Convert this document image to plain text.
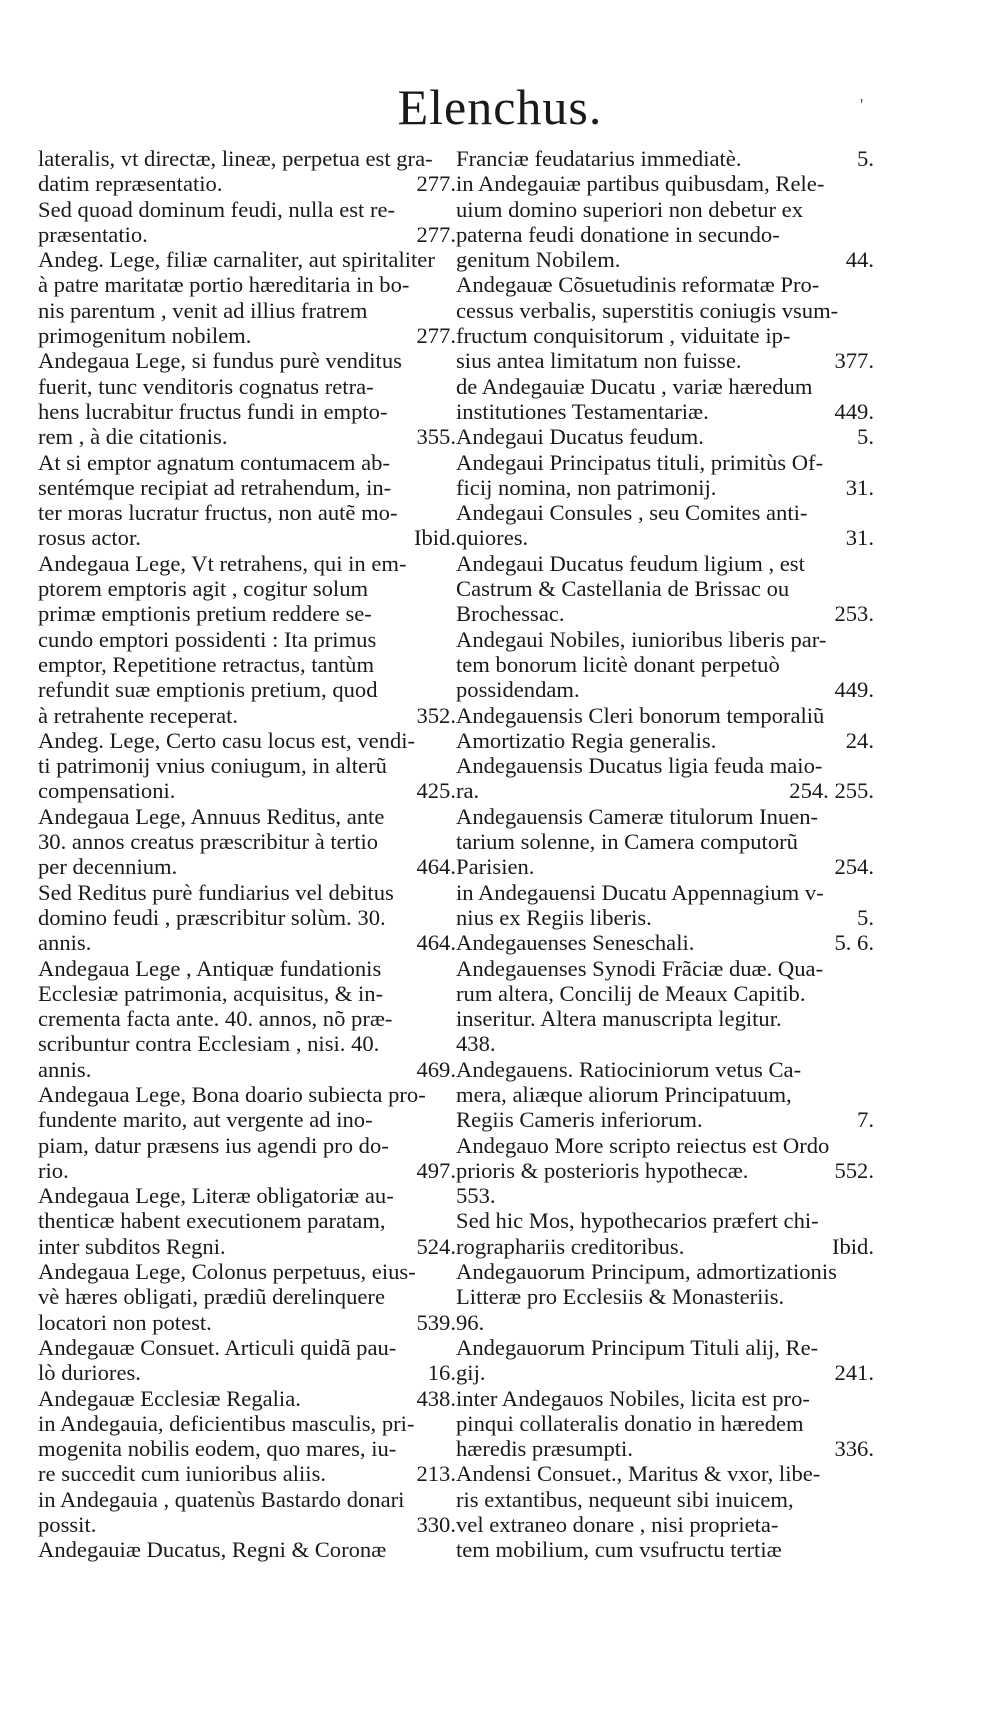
Elenchus.	'
lateralis, vt directæ, lineæ, perpetua est gra-
datim repræsentatio.	277.
Sed quoad dominum feudi, nulla est re-
præsentatio.	277.
Andeg. Lege, filiæ carnaliter, aut spiritaliter
à patre maritatæ portio hæreditaria in bo-
nis parentum , venit ad illius fratrem
primogenitum nobilem.	277.
Andegaua Lege, si fundus purè venditus
fuerit, tunc venditoris cognatus retra-
hens lucrabitur fructus fundi in empto-
rem , à die citationis.	355.
At si emptor agnatum contumacem ab-
sentémque recipiat ad retrahendum, in-
ter moras lucratur fructus, non autẽ mo-
rosus actor.	Ibid.
Andegaua Lege, Vt retrahens, qui in em-
ptorem emptoris agit , cogitur solum
primæ emptionis pretium reddere se-
cundo emptori possidenti : Ita primus
emptor, Repetitione retractus, tantùm
refundit suæ emptionis pretium, quod
à retrahente receperat.	352.
Andeg. Lege, Certo casu locus est, vendi-
ti patrimonij vnius coniugum, in alterũ
compensationi.	425.
Andegaua Lege, Annuus Reditus, ante
30. annos creatus præscribitur à tertio
per decennium.	464.
Sed Reditus purè fundiarius vel debitus
domino feudi , præscribitur solùm. 30.
annis.	464.
Andegaua Lege , Antiquæ fundationis
Ecclesiæ patrimonia, acquisitus, & in-
crementa facta ante. 40. annos, nõ præ-
scribuntur contra Ecclesiam , nisi. 40.
annis.	469.
Andegaua Lege, Bona doario subiecta pro-
fundente marito, aut vergente ad ino-
piam, datur præsens ius agendi pro do-
rio.	497.
Andegaua Lege, Literæ obligatoriæ au-
thenticæ habent executionem paratam,
inter subditos Regni.	524.
Andegaua Lege, Colonus perpetuus, eius-
vè hæres obligati, prædiũ derelinquere
locatori non potest.	539.
Andegauæ Consuet. Articuli quidã pau-
lò duriores.	16.
Andegauæ Ecclesiæ Regalia.	438.
in Andegauia, deficientibus masculis, pri-
mogenita nobilis eodem, quo mares, iu-
re succedit cum iunioribus aliis.	213.
in Andegauia , quatenùs Bastardo donari
possit.	330.
Andegauiæ Ducatus, Regni & Coronæ
Franciæ feudatarius immediatè.	5.
in Andegauiæ partibus quibusdam, Rele-
uium domino superiori non debetur ex
paterna feudi donatione in secundo-
genitum Nobilem.	44.
Andegauæ Cõsuetudinis reformatæ Pro-
cessus verbalis, superstitis coniugis vsum-
fructum conquisitorum , viduitate ip-
sius antea limitatum non fuisse.	377.
de Andegauiæ Ducatu , variæ hæredum
institutiones Testamentariæ.	449.
Andegaui Ducatus feudum.	5.
Andegaui Principatus tituli, primitùs Of-
ficij nomina, non patrimonij.	31.
Andegaui Consules , seu Comites anti-
quiores.	31.
Andegaui Ducatus feudum ligium , est
Castrum & Castellania de Brissac ou
Brochessac.	253.
Andegaui Nobiles, iunioribus liberis par-
tem bonorum licitè donant perpetuò
possidendam.	449.
Andegauensis Cleri bonorum temporaliũ
Amortizatio Regia generalis.	24.
Andegauensis Ducatus ligia feuda maio-
ra.	254. 255.
Andegauensis Cameræ titulorum Inuen-
tarium solenne, in Camera computorũ
Parisien.	254.
in Andegauensi Ducatu Appennagium v-
nius ex Regiis liberis.	5.
Andegauenses Seneschali.	5. 6.
Andegauenses Synodi Frãciæ duæ. Qua-
rum altera, Concilij de Meaux Capitib.
inseritur. Altera manuscripta legitur.
438.
Andegauens. Ratiociniorum vetus Ca-
mera, aliæque aliorum Principatuum,
Regiis Cameris inferiorum.	7.
Andegauo More scripto reiectus est Ordo
prioris & posterioris hypothecæ.	552.
553.
Sed hic Mos, hypothecarios præfert chi-
rographariis creditoribus.	Ibid.
Andegauorum Principum, admortizationis
Litteræ pro Ecclesiis & Monasteriis.
96.
Andegauorum Principum Tituli alij, Re-
gij.	241.
inter Andegauos Nobiles, licita est pro-
pinqui collateralis donatio in hæredem
hæredis præsumpti.	336.
Andensi Consuet., Maritus & vxor, libe-
ris extantibus, nequeunt sibi inuicem,
vel extraneo donare , nisi proprieta-
tem mobilium, cum vsufructu tertiæ
